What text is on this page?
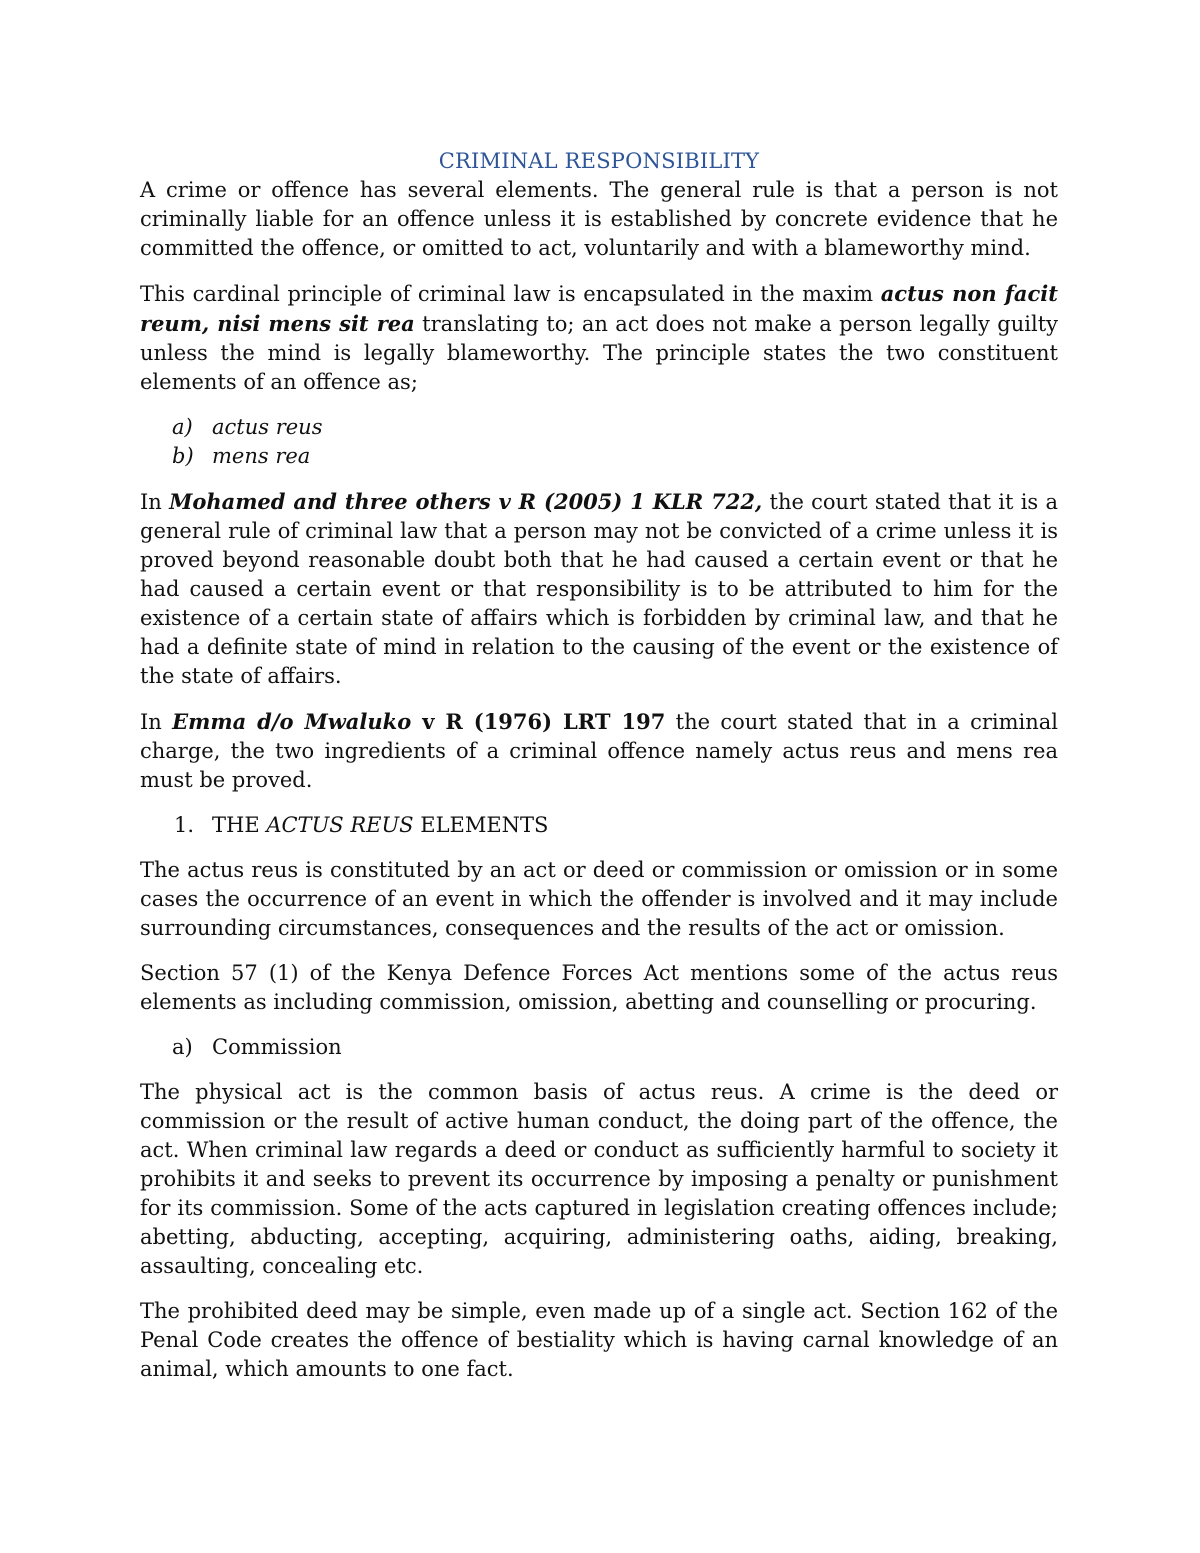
CRIMINAL RESPONSIBILITY

A crime or offence has several elements. The general rule is that a person is not criminally liable for an offence unless it is established by concrete evidence that he committed the offence, or omitted to act, voluntarily and with a blameworthy mind.

This cardinal principle of criminal law is encapsulated in the maxim actus non facit reum, nisi mens sit rea translating to; an act does not make a person legally guilty unless the mind is legally blameworthy. The principle states the two constituent elements of an offence as;

a) actus reus
b) mens rea

In Mohamed and three others v R (2005) 1 KLR 722, the court stated that it is a general rule of criminal law that a person may not be convicted of a crime unless it is proved beyond reasonable doubt both that he had caused a certain event or that he had caused a certain event or that responsibility is to be attributed to him for the existence of a certain state of affairs which is forbidden by criminal law, and that he had a definite state of mind in relation to the causing of the event or the existence of the state of affairs.

In Emma d/o Mwaluko v R (1976) LRT 197 the court stated that in a criminal charge, the two ingredients of a criminal offence namely actus reus and mens rea must be proved.

1. THE ACTUS REUS ELEMENTS

The actus reus is constituted by an act or deed or commission or omission or in some cases the occurrence of an event in which the offender is involved and it may include surrounding circumstances, consequences and the results of the act or omission.

Section 57 (1) of the Kenya Defence Forces Act mentions some of the actus reus elements as including commission, omission, abetting and counselling or procuring.

a) Commission

The physical act is the common basis of actus reus. A crime is the deed or commission or the result of active human conduct, the doing part of the offence, the act. When criminal law regards a deed or conduct as sufficiently harmful to society it prohibits it and seeks to prevent its occurrence by imposing a penalty or punishment for its commission. Some of the acts captured in legislation creating offences include; abetting, abducting, accepting, acquiring, administering oaths, aiding, breaking, assaulting, concealing etc.

The prohibited deed may be simple, even made up of a single act. Section 162 of the Penal Code creates the offence of bestiality which is having carnal knowledge of an animal, which amounts to one fact.
